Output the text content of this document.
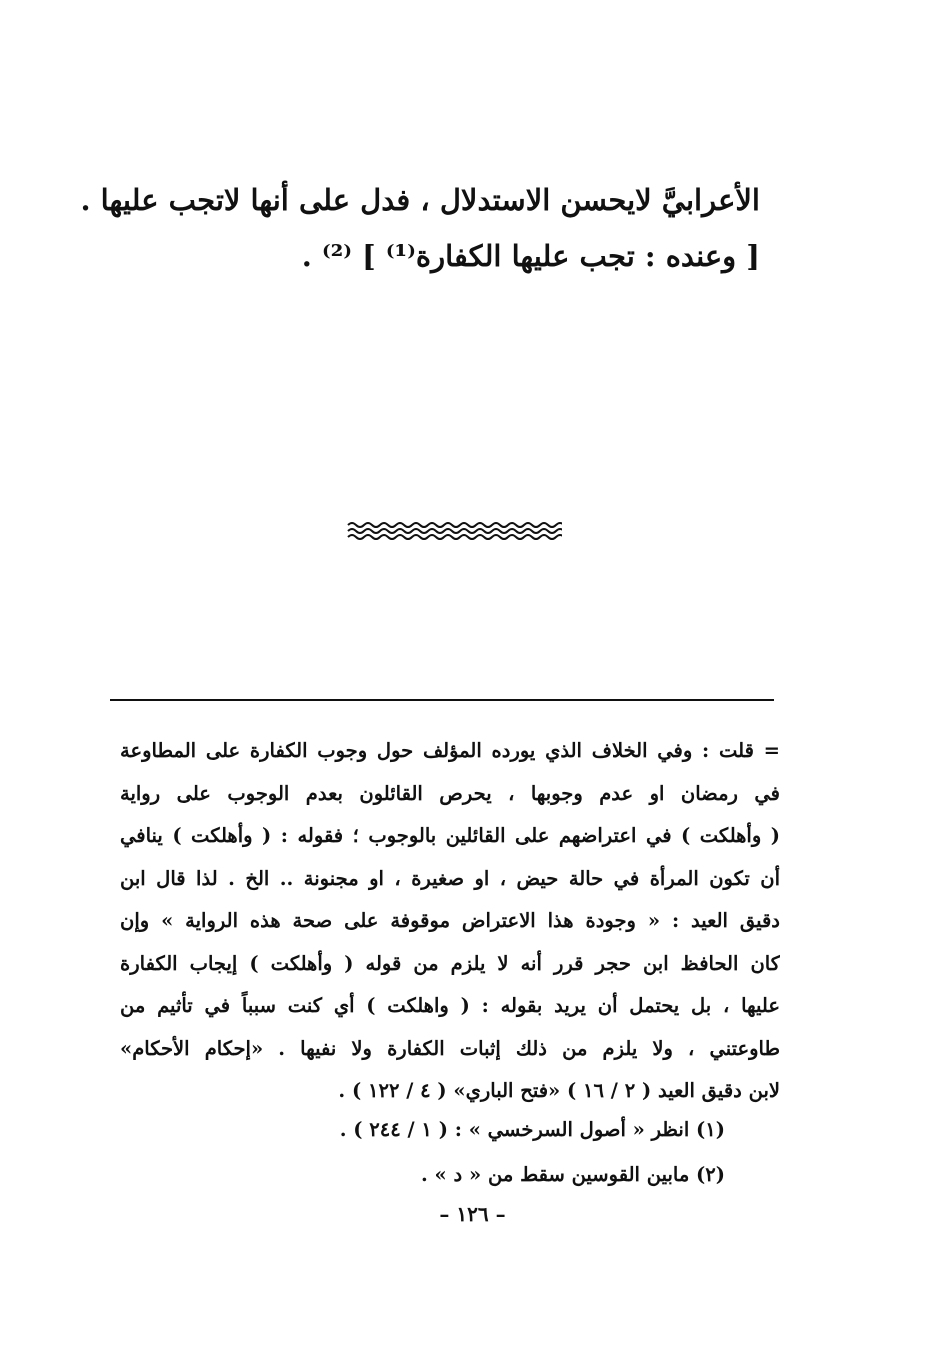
الأعرابيَّ لايحسن الاستدلال ، فدل على أنها لاتجب عليها .
[ وعنده : تجب عليها الكفارة⁽¹⁾ ] ⁽²⁾ .
= قلت : وفي الخلاف الذي يورده المؤلف حول وجوب الكفارة على المطاوعة
في رمضان او عدم وجوبها ، يحرص القائلون بعدم الوجوب على رواية
( وأهلكت ) في اعتراضهم على القائلين بالوجوب ؛ فقوله : ( وأهلكت ) ينافي
أن تكون المرأة في حالة حيض ، او صغيرة ، او مجنونة .. الخ . لذا قال ابن
دقيق العيد : « وجودة هذا الاعتراض موقوفة على صحة هذه الرواية » وإن
كان الحافظ ابن حجر قرر أنه لا يلزم من قوله ( وأهلكت ) إيجاب الكفارة
عليها ، بل يحتمل أن يريد بقوله : ( واهلكت ) أي كنت سبباً في تأثيم من
طاوعتني ، ولا يلزم من ذلك إثبات الكفارة ولا نفيها . «إحكام الأحكام»
لابن دقيق العيد ( ٢ / ١٦ ) «فتح الباري» ( ٤ / ١٢٢ ) .
(١) انظر « أصول السرخسي » : ( ١ / ٢٤٤ ) .
(٢) مابين القوسين سقط من « د » .
– ١٢٦ –
